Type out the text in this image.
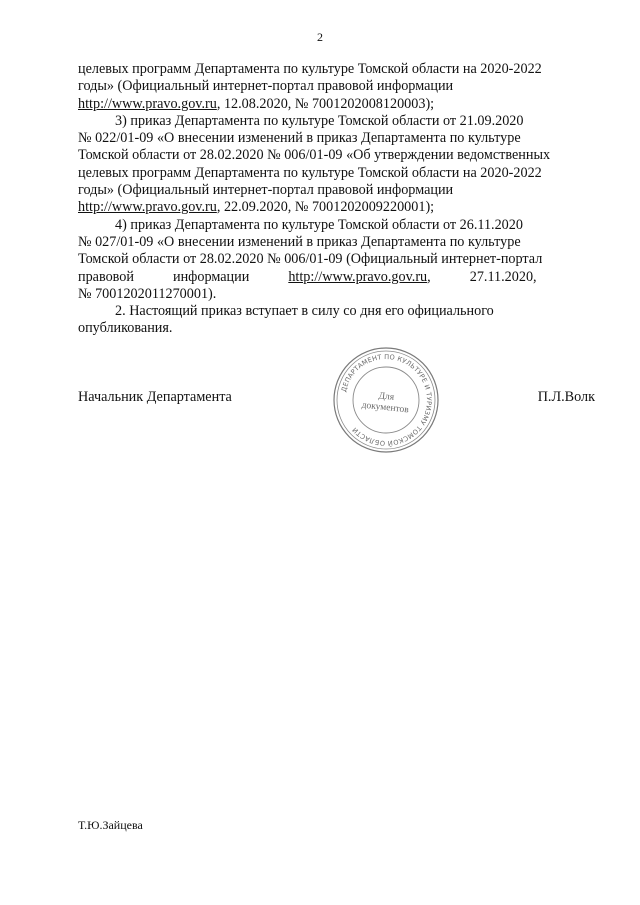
2

целевых программ Департамента по культуре Томской области на 2020-2022

годы» (Официальный интернет-портал правовой информации

http://www.pravo.gov.ru, 12.08.2020, № 7001202008120003);

3) приказ Департамента по культуре Томской области от 21.09.2020

№ 022/01-09 «О внесении изменений в приказ Департамента по культуре

Томской области от 28.02.2020 № 006/01-09 «Об утверждении ведомственных

целевых программ Департамента по культуре Томской области на 2020-2022

годы» (Официальный интернет-портал правовой информации

http://www.pravo.gov.ru, 22.09.2020, № 7001202009220001);

4) приказ Департамента по культуре Томской области от 26.11.2020

№ 027/01-09 «О внесении изменений в приказ Департамента по культуре

Томской области от 28.02.2020 № 006/01-09 (Официальный интернет-портал

правовой           информации           http://www.pravo.gov.ru,           27.11.2020,

№ 7001202011270001).

2. Настоящий приказ вступает в силу со дня его официального

опубликования.

Начальник Департамента	П.Л.Волк
ДЕПАРТАМЕНТ ПО КУЛЬТУРЕ И ТУРИЗМУ ТОМСКОЙ ОБЛАСТИ
Для
документов
Т.Ю.Зайцева
